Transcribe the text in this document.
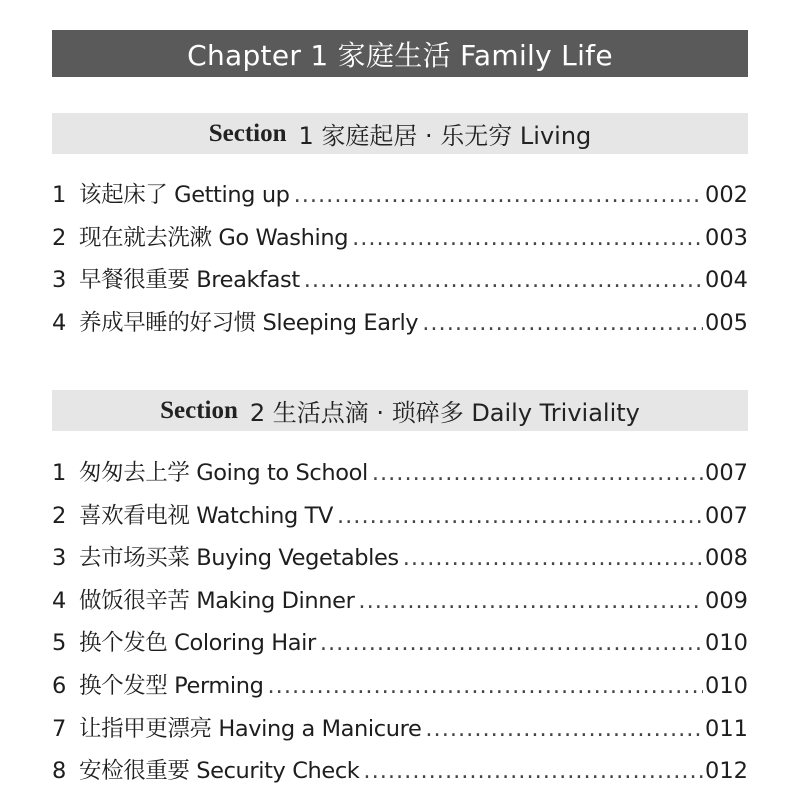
Chapter 1 家庭生活 Family Life
Section 1 家庭起居 · 乐无穷 Living
1 该起床了 Getting up .....	002
2 现在就去洗漱 Go Washing .....	003
3 早餐很重要 Breakfast .....	004
4 养成早睡的好习惯 Sleeping Early .....	005
Section 2 生活点滴 · 琐碎多 Daily Triviality
1 匆匆去上学 Going to School .....	007
2 喜欢看电视 Watching TV .....	007
3 去市场买菜 Buying Vegetables .....	008
4 做饭很辛苦 Making Dinner .....	009
5 换个发色 Coloring Hair .....	010
6 换个发型 Perming .....	010
7 让指甲更漂亮 Having a Manicure .....	011
8 安检很重要 Security Check .....	012
